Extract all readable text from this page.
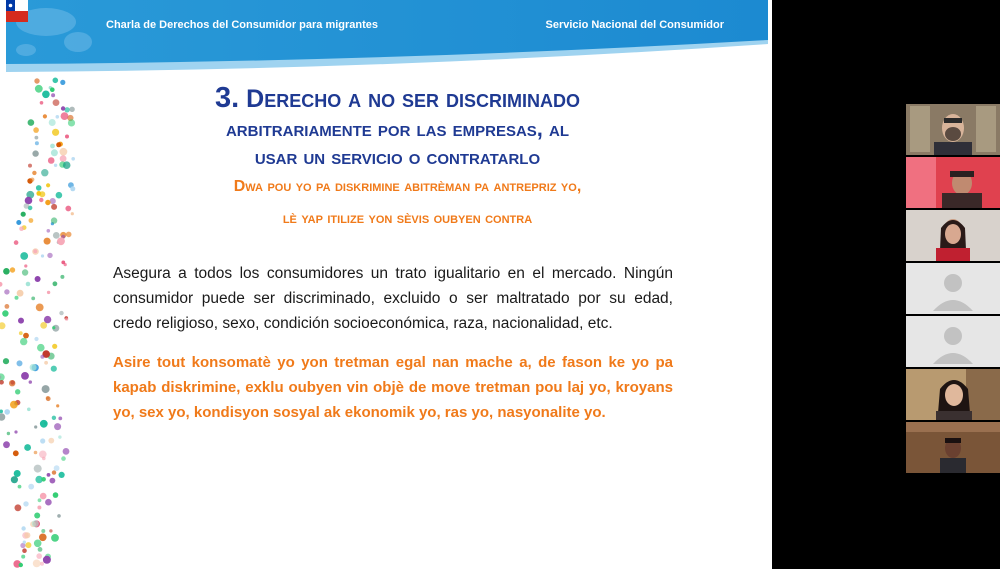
Charla de Derechos del Consumidor para migrantes	Servicio Nacional del Consumidor
3. Derecho a no ser discriminado
arbitrariamente por las empresas, al
usar un servicio o contratarlo
Dwa pou yo pa diskrimine abitrèman pa antrepriz yo,
lè yap itilize yon sèvis oubyen contra
Asegura a todos los consumidores un trato igualitario en el mercado. Ningún consumidor puede ser discriminado, excluido o ser maltratado por su edad, credo religioso, sexo, condición socioeconómica, raza, nacionalidad, etc.
Asire tout konsomatè yo yon tretman egal nan mache a, de fason ke yo pa kapab diskrimine, exklu oubyen vin objè de move tretman pou laj yo, kroyans yo, sex yo, kondisyon sosyal ak ekonomik yo, ras yo, nasyonalite yo.
